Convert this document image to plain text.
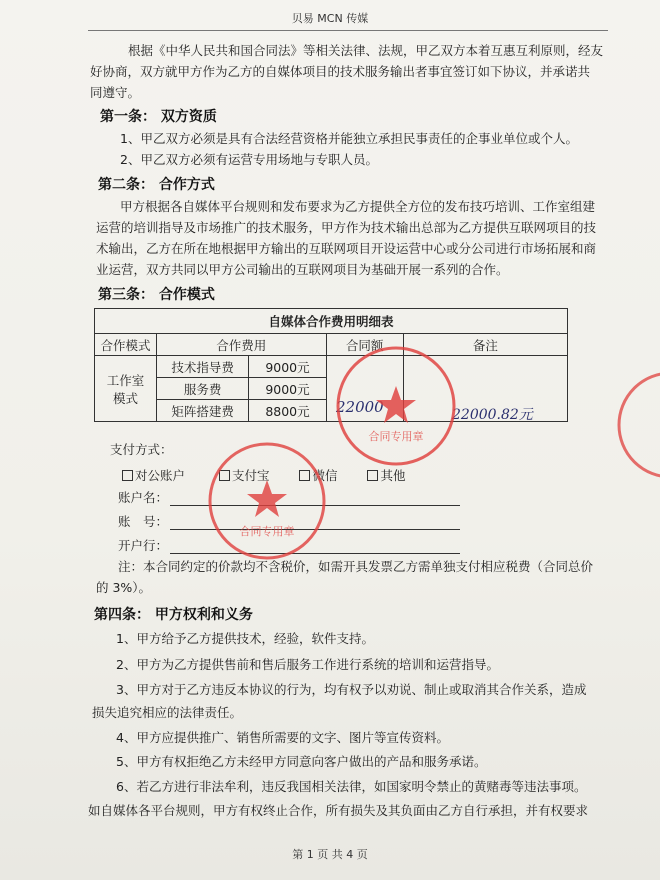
贝易 MCN 传媒
根据《中华人民共和国合同法》等相关法律、法规，甲乙双方本着互惠互利原则，经友
好协商，双方就甲方作为乙方的自媒体项目的技术服务输出者事宜签订如下协议，并承诺共
同遵守。
第一条： 双方资质
1、甲乙双方必须是具有合法经营资格并能独立承担民事责任的企事业单位或个人。
2、甲乙双方必须有运营专用场地与专职人员。
第二条： 合作方式
甲方根据各自媒体平台规则和发布要求为乙方提供全方位的发布技巧培训、工作室组建
运营的培训指导及市场推广的技术服务，甲方作为技术输出总部为乙方提供互联网项目的技
术输出，乙方在所在地根据甲方输出的互联网项目开设运营中心或分公司进行市场拓展和商
业运营，双方共同以甲方公司输出的互联网项目为基础开展一系列的合作。
第三条： 合作模式
自媒体合作费用明细表				
合作模式	合作费用		合同额	备注
工作室模式	技术指导费	9000元		
	服务费	9000元		
	矩阵搭建费	8800元		22000	22000.82元
支付方式：
对公账户	支付宝	微信	其他
账户名：
账　号：
开户行：
注：本合同约定的价款均不含税价，如需开具发票乙方需单独支付相应税费（合同总价
的 3%）。
第四条： 甲方权利和义务
1、甲方给予乙方提供技术，经验，软件支持。
2、甲方为乙方提供售前和售后服务工作进行系统的培训和运营指导。
3、甲方对于乙方违反本协议的行为，均有权予以劝说、制止或取消其合作关系，造成
损失追究相应的法律责任。
4、甲方应提供推广、销售所需要的文字、图片等宣传资料。
5、甲方有权拒绝乙方未经甲方同意向客户做出的产品和服务承诺。
6、若乙方进行非法牟利，违反我国相关法律，如国家明令禁止的黄赌毒等违法事项。
如自媒体各平台规则，甲方有权终止合作，所有损失及其负面由乙方自行承担，并有权要求
第 1 页 共 4 页
合同专用章
合同专用章
